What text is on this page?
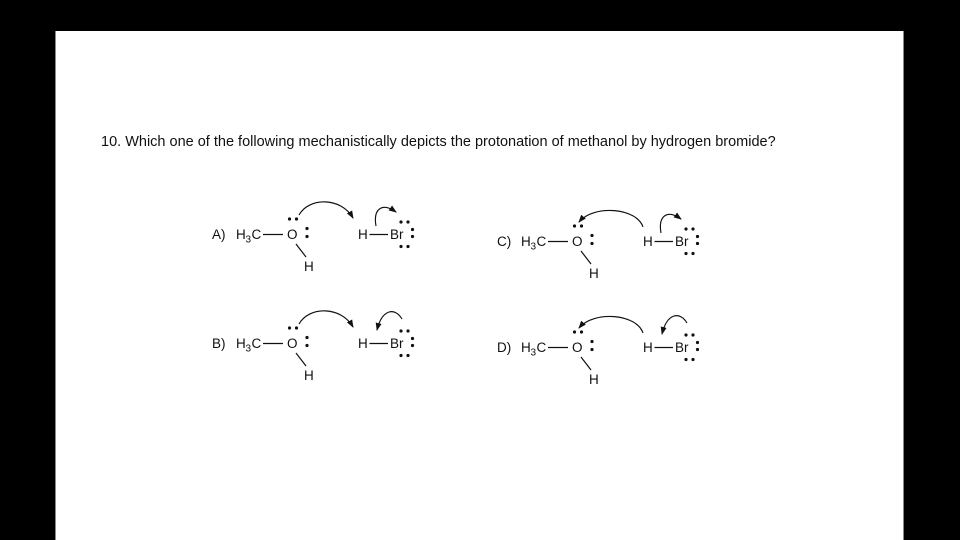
10. Which one of the following mechanistically depicts the protonation of methanol by hydrogen bromide?
A) H 3 C O
H
H Br
B) H 3 C O
H
H Br
C) H 3 C O
H
H Br
D) H 3 C O
H
H Br
